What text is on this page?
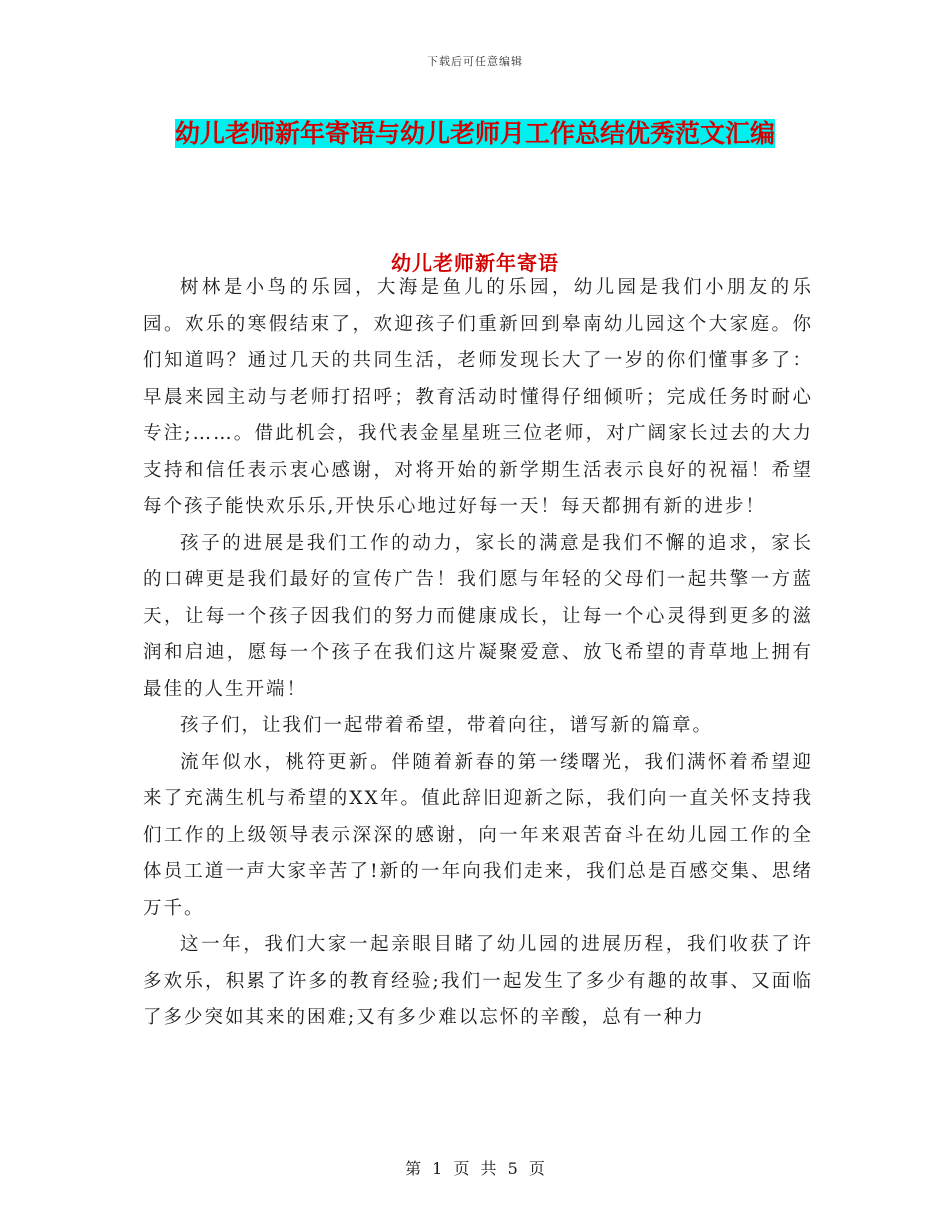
下载后可任意编辑
幼儿老师新年寄语与幼儿老师月工作总结优秀范文汇编
幼儿老师新年寄语

树林是小鸟的乐园，大海是鱼儿的乐园，幼儿园是我们小朋友的乐园。欢乐的寒假结束了，欢迎孩子们重新回到皋南幼儿园这个大家庭。你们知道吗？通过几天的共同生活，老师发现长大了一岁的你们懂事多了：早晨来园主动与老师打招呼；教育活动时懂得仔细倾听；完成任务时耐心专注;……。借此机会，我代表金星星班三位老师，对广阔家长过去的大力支持和信任表示衷心感谢，对将开始的新学期生活表示良好的祝福！希望每个孩子能快欢乐乐,开快乐心地过好每一天！每天都拥有新的进步！

孩子的进展是我们工作的动力，家长的满意是我们不懈的追求，家长的口碑更是我们最好的宣传广告！我们愿与年轻的父母们一起共擎一方蓝天，让每一个孩子因我们的努力而健康成长，让每一个心灵得到更多的滋润和启迪，愿每一个孩子在我们这片凝聚爱意、放飞希望的青草地上拥有最佳的人生开端！

孩子们，让我们一起带着希望，带着向往，谱写新的篇章。

流年似水，桃符更新。伴随着新春的第一缕曙光，我们满怀着希望迎来了充满生机与希望的XX年。值此辞旧迎新之际，我们向一直关怀支持我们工作的上级领导表示深深的感谢，向一年来艰苦奋斗在幼儿园工作的全体员工道一声大家辛苦了!新的一年向我们走来，我们总是百感交集、思绪万千。

这一年，我们大家一起亲眼目睹了幼儿园的进展历程，我们收获了许多欢乐，积累了许多的教育经验;我们一起发生了多少有趣的故事、又面临了多少突如其来的困难;又有多少难以忘怀的辛酸，总有一种力

第 1 页 共 5 页
